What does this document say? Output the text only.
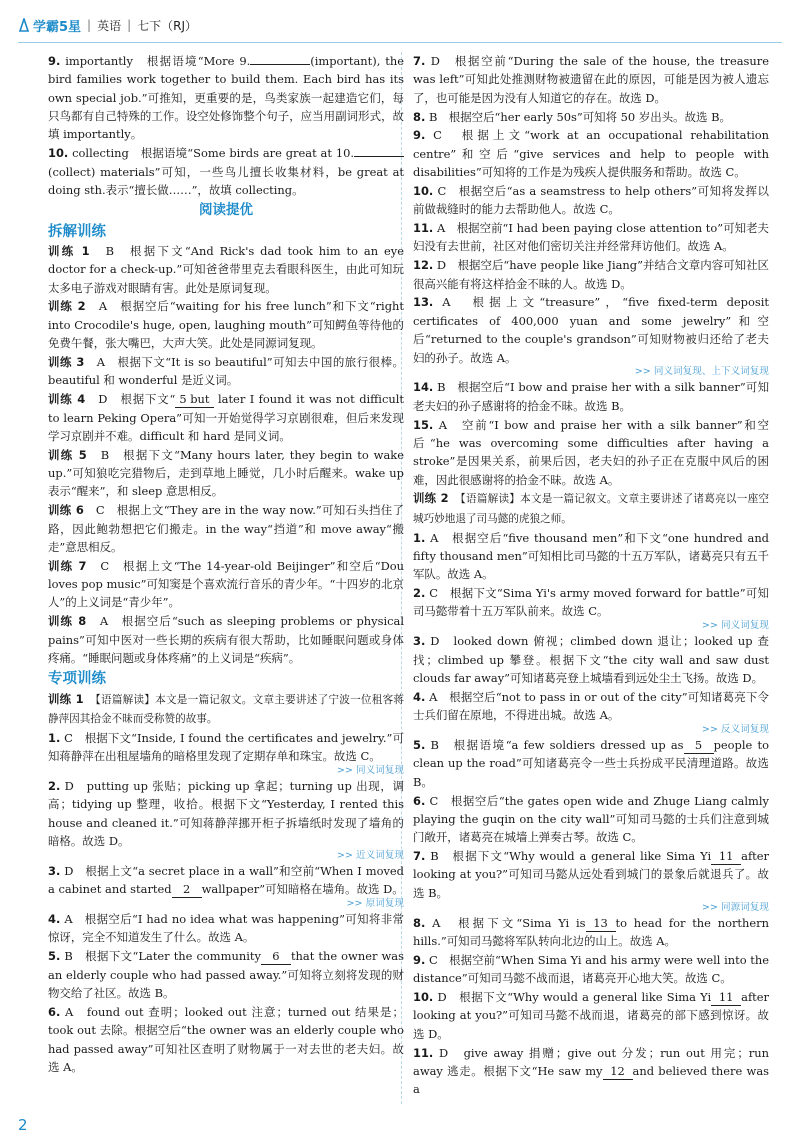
学霸5星 | 英语 | 七下（RJ）

9. importantly　根据语境“More 9.	(important), the bird families work together to build them. Each bird has its own special job.”可推知，更重要的是，鸟类家族一起建造它们，每只鸟都有自己特殊的工作。设空处修饰整个句子，应当用副词形式，故填 importantly。

10. collecting　根据语境“Some birds are great at 10.(collect) materials”可知，一些鸟儿擅长收集材料，be great at doing sth.表示“擅长做……”，故填 collecting。

阅读提优
拆解训练

训练 1　 B　根据下文“And Rick's dad took him to an eye doctor for a check-up.”可知爸爸带里克去看眼科医生，由此可知玩太多电子游戏对眼睛有害。此处是原词复现。

训练 2　 A　根据空后“waiting for his free lunch”和下文“right into Crocodile's huge, open, laughing mouth”可知鳄鱼等待他的免费午餐，张大嘴巴，大声大笑。此处是同源词复现。

训练 3　 A　根据下文“It is so beautiful”可知去中国的旅行很棒。beautiful 和 wonderful 是近义词。

训练 4　 D　根据下文“ 5 but later I found it was not difficult to learn Peking Opera”可知一开始觉得学习京剧很难，但后来发现学习京剧并不难。difficult 和 hard 是同义词。

训练 5　 B　根据下文“Many hours later, they begin to wake up.”可知狼吃完猎物后，走到草地上睡觉，几小时后醒来。wake up 表示“醒来”，和 sleep 意思相反。

训练 6　 C　根据上文“They are in the way now.”可知石头挡住了路，因此鲍勃想把它们搬走。in the way“挡道”和 move away“搬走”意思相反。

训练 7　 C　根据上文“The 14-year-old Beijinger”和空后“Dou loves pop music”可知窦是个喜欢流行音乐的青少年。“十四岁的北京人”的上义词是“青少年”。

训练 8　 A　根据空后“such as sleeping problems or physical pains”可知中医对一些长期的疾病有很大帮助，比如睡眠问题或身体疼痛。“睡眠问题或身体疼痛”的上义词是“疾病”。

专项训练

训练 1　 【语篇解读】本文是一篇记叙文。文章主要讲述了宁波一位租客蒋静萍因其拾金不昧而受称赞的故事。

1. C　根据下文“Inside, I found the certificates and jewelry.”可知蒋静萍在出租屋墙角的暗格里发现了定期存单和珠宝。故选 C。

>> 同义词复现

2. D　putting up 张贴；picking up 拿起；turning up 出现，调高；tidying up 整理，收拾。根据下文“Yesterday, I rented this house and cleaned it.”可知蒋静萍挪开柜子拆墙纸时发现了墙角的暗格。故选 D。

>> 近义词复现

3. D　根据上文“a secret place in a wall”和空前“When I moved a cabinet and started 2 wallpaper”可知暗格在墙角。故选 D。

>> 原词复现

4. A　根据空后“I had no idea what was happening”可知将非常惊讶，完全不知道发生了什么。故选 A。

5. B　根据下文“Later the community 6 that the owner was an elderly couple who had passed away.”可知将立刻将发现的财物交给了社区。故选 B。

6. A　found out 查明；looked out 注意；turned out 结果是；took out 去除。根据空后“the owner was an elderly couple who had passed away”可知社区查明了财物属于一对去世的老夫妇。故选 A。

7. D　根据空前“During the sale of the house, the treasure was left”可知此处推测财物被遗留在此的原因，可能是因为被人遗忘了，也可能是因为没有人知道它的存在。故选 D。

8. B　根据空后“her early 50s”可知将 50 岁出头。故选 B。

9. C　根据上文“work at an occupational rehabilitation centre”和空后“give services and help to people with disabilities”可知将的工作是为残疾人提供服务和帮助。故选 C。

10. C　根据空后“as a seamstress to help others”可知将发挥以前做裁缝时的能力去帮助他人。故选 C。

11. A　根据空前“I had been paying close attention to”可知老夫妇没有去世前，社区对他们密切关注并经常拜访他们。故选 A。

12. D　根据空后“have people like Jiang”并结合文章内容可知社区很高兴能有将这样拾金不昧的人。故选 D。

13. A　根据上文“treasure”，“five fixed-term deposit certificates of 400,000 yuan and some jewelry”和空后“returned to the couple's grandson”可知财物被归还给了老夫妇的孙子。故选 A。

>> 同义词复现、上下义词复现

14. B　根据空后“I bow and praise her with a silk banner”可知老夫妇的孙子感谢将的拾金不昧。故选 B。

15. A　空前“I bow and praise her with a silk banner”和空后“he was overcoming some difficulties after having a stroke”是因果关系，前果后因，老夫妇的孙子正在克服中风后的困难，因此很感谢将的拾金不昧。故选 A。

训练 2　 【语篇解读】本文是一篇记叙文。文章主要讲述了诸葛亮以一座空城巧妙地退了司马懿的虎狼之师。

1. A　根据空后“five thousand men”和下文“one hundred and fifty thousand men”可知相比司马懿的十五万军队，诸葛亮只有五千军队。故选 A。

2. C　根据下文“Sima Yi's army moved forward for battle”可知司马懿带着十五万军队前来。故选 C。

>> 同义词复现

3. D　looked down 俯视；climbed down 退让；looked up 查找；climbed up 攀登。根据下文“the city wall and saw dust clouds far away”可知诸葛亮登上城墙看到远处尘土飞扬。故选 D。

4. A　根据空后“not to pass in or out of the city”可知诸葛亮下令士兵们留在原地，不得进出城。故选 A。

>> 反义词复现

5. B　根据语境“a few soldiers dressed up as 5 people to clean up the road”可知诸葛亮令一些士兵扮成平民清理道路。故选 B。

6. C　根据空后“the gates open wide and Zhuge Liang calmly playing the guqin on the city wall”可知司马懿的士兵们注意到城门敞开，诸葛亮在城墙上弹奏古琴。故选 C。

7. B　根据下文“Why would a general like Sima Yi 11 after looking at you?”可知司马懿从远处看到城门的景象后就退兵了。故选 B。

>> 同源词复现

8. A　根据下文“Sima Yi is 13 to head for the northern hills.”可知司马懿将军队转向北边的山上。故选 A。

9. C　根据空前“When Sima Yi and his army were well into the distance”可知司马懿不战而退，诸葛亮开心地大笑。故选 C。

10. D　根据下文“Why would a general like Sima Yi 11 after looking at you?”可知司马懿不战而退，诸葛亮的部下感到惊讶。故选 D。

11. D　give away 捐赠；give out 分发；run out 用完；run away 逃走。根据下文“He saw my 12 and believed there was a

2
